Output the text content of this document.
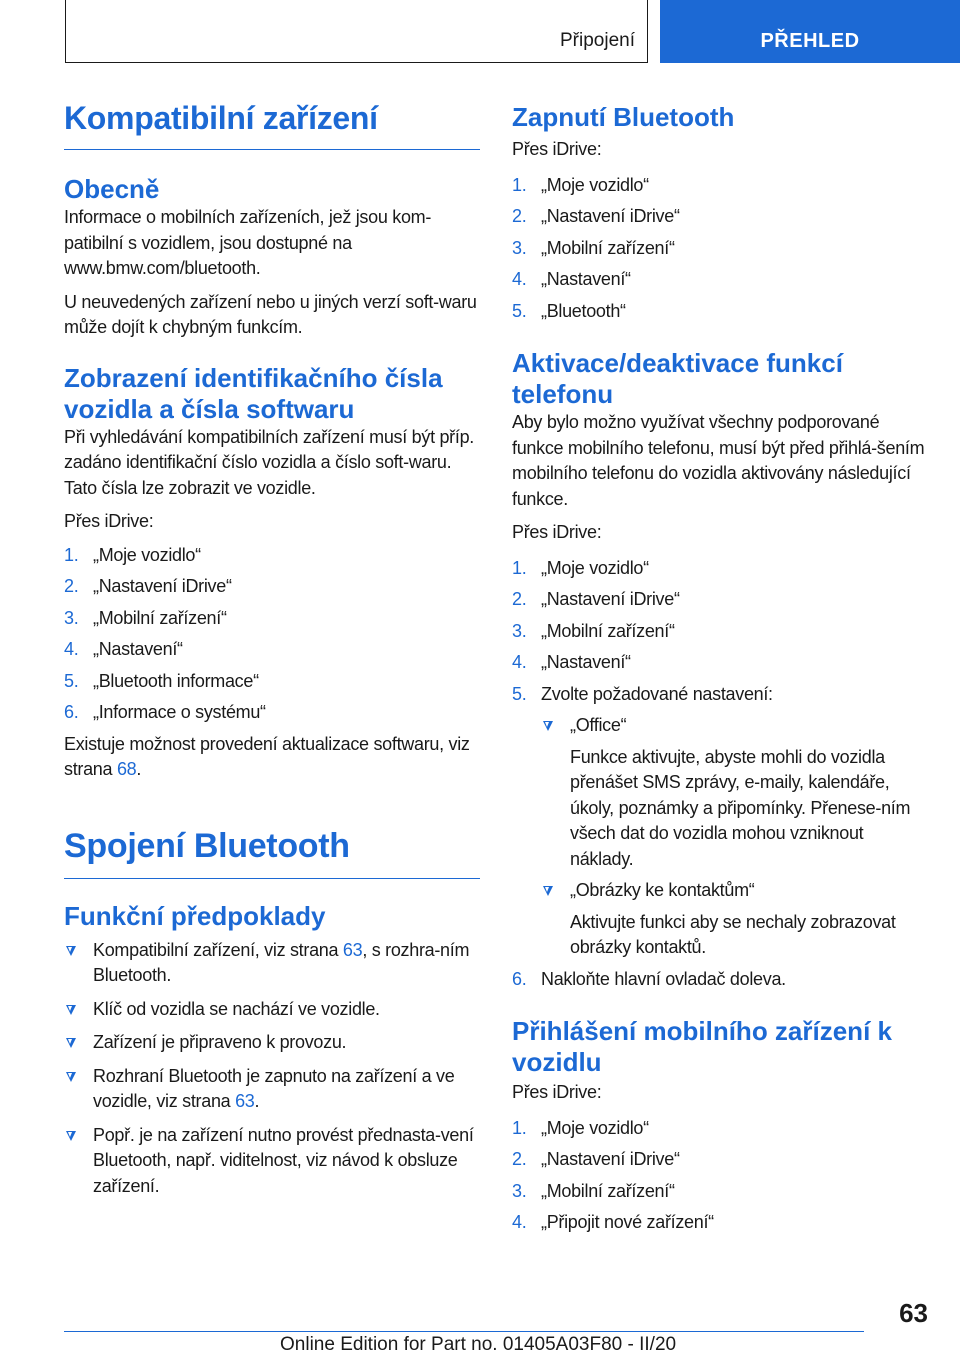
Připojení	PŘEHLED
Kompatibilní zařízení
Obecně

Informace o mobilních zařízeních, jež jsou kom-patibilní s vozidlem, jsou dostupné na www.bmw.com/bluetooth.

U neuvedených zařízení nebo u jiných verzí soft-waru může dojít k chybným funkcím.

Zobrazení identifikačního čísla vozidla a čísla softwaru

Při vyhledávání kompatibilních zařízení musí být příp. zadáno identifikační číslo vozidla a číslo soft-waru. Tato čísla lze zobrazit ve vozidle.

Přes iDrive:

1. „Moje vozidlo“
2. „Nastavení iDrive“
3. „Mobilní zařízení“
4. „Nastavení“
5. „Bluetooth informace“
6. „Informace o systému“

Existuje možnost provedení aktualizace softwaru, viz strana 68.

Spojení Bluetooth
Funkční předpoklady
Kompatibilní zařízení, viz strana 63, s rozhra-ním Bluetooth.
Klíč od vozidla se nachází ve vozidle.
Zařízení je připraveno k provozu.
Rozhraní Bluetooth je zapnuto na zařízení a ve vozidle, viz strana 63.
Popř. je na zařízení nutno provést přednasta-vení Bluetooth, např. viditelnost, viz návod k obsluze zařízení.
Zapnutí Bluetooth

Přes iDrive:

1. „Moje vozidlo“
2. „Nastavení iDrive“
3. „Mobilní zařízení“
4. „Nastavení“
5. „Bluetooth“
Aktivace/deaktivace funkcí telefonu

Aby bylo možno využívat všechny podporované funkce mobilního telefonu, musí být před přihlá-šením mobilního telefonu do vozidla aktivovány následující funkce.

Přes iDrive:

1. „Moje vozidlo“
2. „Nastavení iDrive“
3. „Mobilní zařízení“
4. „Nastavení“
5. Zvolte požadované nastavení:
„Office“

Funkce aktivujte, abyste mohli do vozidla přenášet SMS zprávy, e-maily, kalendáře, úkoly, poznámky a připomínky. Přenese-ním všech dat do vozidla mohou vzniknout náklady.

„Obrázky ke kontaktům“

Aktivujte funkci aby se nechaly zobrazovat obrázky kontaktů.

6. Nakloňte hlavní ovladač doleva.
Přihlášení mobilního zařízení k vozidlu

Přes iDrive:

1. „Moje vozidlo“
2. „Nastavení iDrive“
3. „Mobilní zařízení“
4. „Připojit nové zařízení“
63
Online Edition for Part no. 01405A03F80 - II/20
